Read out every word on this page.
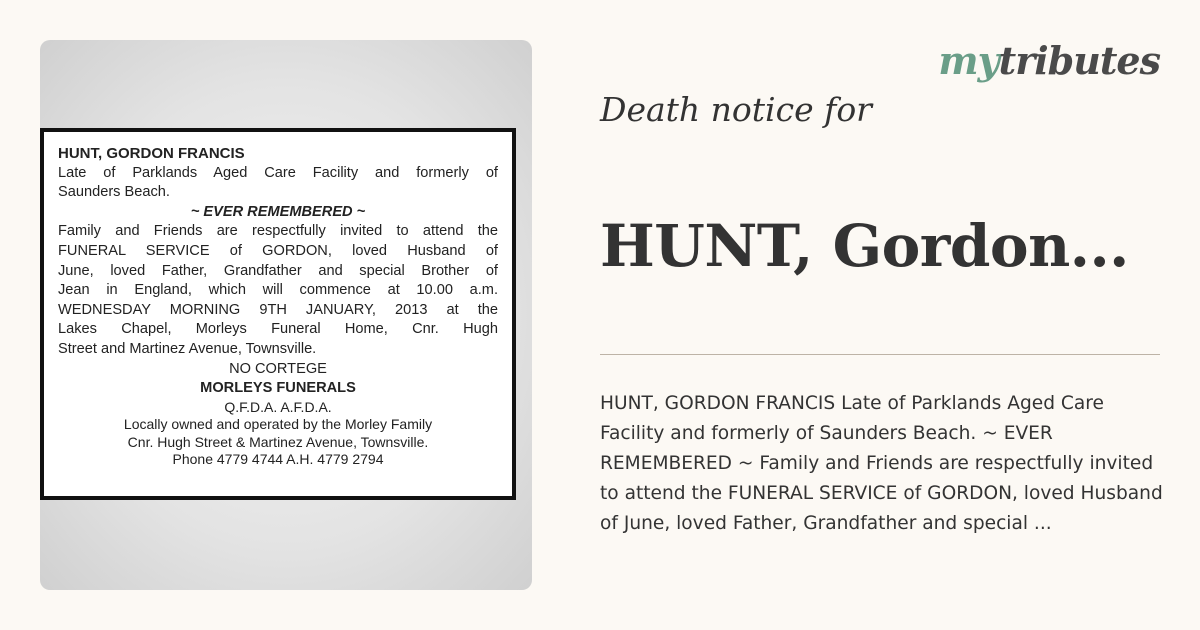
HUNT, GORDON FRANCIS
Late of Parklands Aged Care Facility and formerly of
Saunders Beach.
~ EVER REMEMBERED ~
Family and Friends are respectfully invited to attend the
FUNERAL SERVICE of GORDON, loved Husband of
June, loved Father, Grandfather and special Brother of
Jean in England, which will commence at 10.00 a.m.
WEDNESDAY MORNING 9TH JANUARY, 2013 at the
Lakes Chapel, Morleys Funeral Home, Cnr. Hugh
Street and Martinez Avenue, Townsville.
NO CORTEGE
MORLEYS FUNERALS
Q.F.D.A. A.F.D.A.
Locally owned and operated by the Morley Family
Cnr. Hugh Street & Martinez Avenue, Townsville.
Phone 4779 4744 A.H. 4779 2794
mytributes
Death notice for
HUNT, Gordon...
HUNT, GORDON FRANCIS Late of Parklands Aged Care Facility and formerly of Saunders Beach. ~ EVER REMEMBERED ~ Family and Friends are respectfully invited to attend the FUNERAL SERVICE of GORDON, loved Husband of June, loved Father, Grandfather and special ...
